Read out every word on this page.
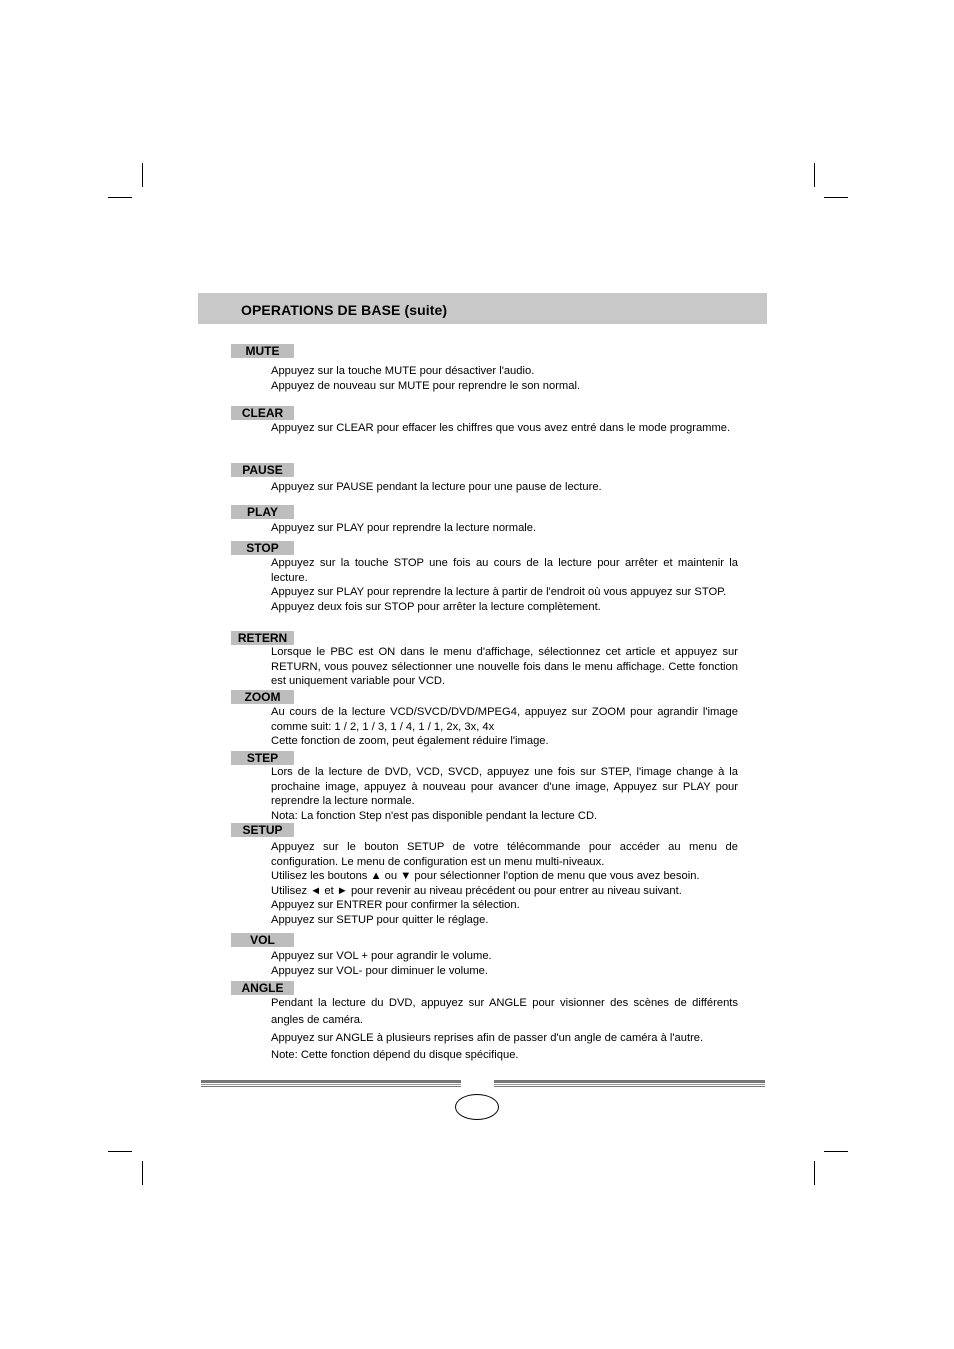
OPERATIONS DE BASE (suite)
MUTE
Appuyez sur la touche MUTE pour désactiver l'audio.
Appuyez de nouveau sur MUTE pour reprendre le son normal.
CLEAR
Appuyez sur CLEAR pour effacer les chiffres que vous avez entré dans le mode programme.
PAUSE
Appuyez sur PAUSE pendant la lecture pour une pause de lecture.
PLAY
Appuyez sur PLAY pour reprendre la lecture normale.
STOP
Appuyez sur la touche STOP une fois au cours de la lecture pour arrêter et maintenir la lecture.
Appuyez sur PLAY pour reprendre la lecture à partir de l'endroit où vous appuyez sur STOP.
Appuyez deux fois sur STOP pour arrêter la lecture complètement.
RETERN
Lorsque le PBC est ON dans le menu d'affichage, sélectionnez cet article et appuyez sur RETURN, vous pouvez sélectionner une nouvelle fois dans le menu affichage. Cette fonction est uniquement variable pour VCD.
ZOOM
Au cours de la lecture VCD/SVCD/DVD/MPEG4, appuyez sur ZOOM pour agrandir l'image comme suit: 1 / 2, 1 / 3, 1 / 4, 1 / 1, 2x, 3x, 4x
Cette fonction de zoom, peut également réduire l'image.
STEP
Lors de la lecture de DVD, VCD, SVCD, appuyez une fois sur STEP, l'image change à la prochaine image, appuyez à nouveau pour avancer d'une image, Appuyez sur PLAY pour reprendre la lecture normale.
Nota: La fonction Step n'est pas disponible pendant la lecture CD.
SETUP
Appuyez sur le bouton SETUP de votre télécommande pour accéder au menu de configuration. Le menu de configuration est un menu multi-niveaux.
Utilisez les boutons ▲ ou ▼ pour sélectionner l'option de menu que vous avez besoin.
Utilisez ◄ et ► pour revenir au niveau précédent ou pour entrer au niveau suivant.
Appuyez sur ENTRER pour confirmer la sélection.
Appuyez sur SETUP pour quitter le réglage.
VOL
Appuyez sur VOL + pour agrandir le volume.
Appuyez sur VOL- pour diminuer le volume.
ANGLE
Pendant la lecture du DVD, appuyez sur ANGLE pour visionner des scènes de différents angles de caméra.
Appuyez sur ANGLE à plusieurs reprises afin de passer d'un angle de caméra à l'autre.
Note: Cette fonction dépend du disque spécifique.
